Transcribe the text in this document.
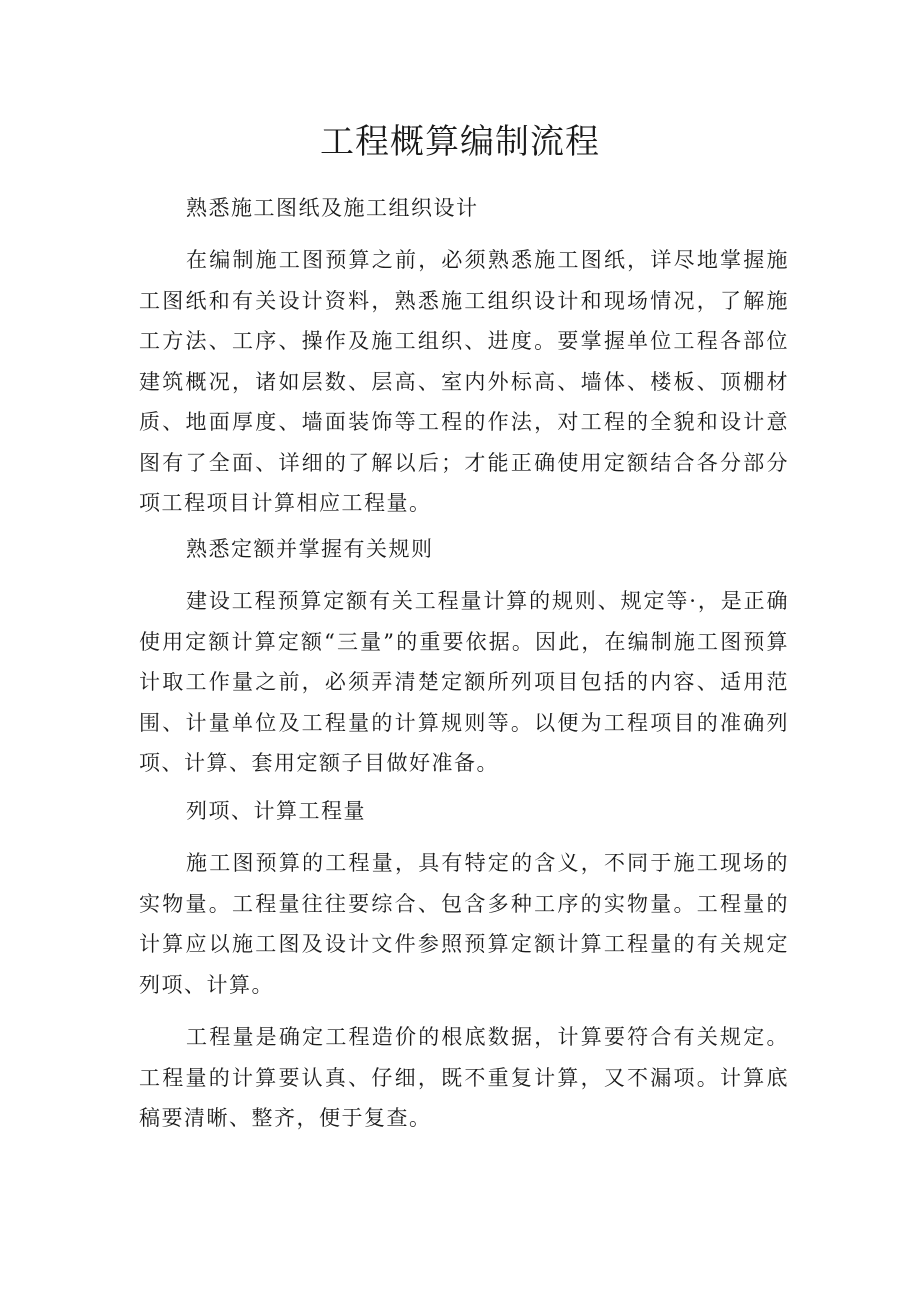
工程概算编制流程
熟悉施工图纸及施工组织设计

在编制施工图预算之前，必须熟悉施工图纸，详尽地掌握施工图纸和有关设计资料，熟悉施工组织设计和现场情况，了解施工方法、工序、操作及施工组织、进度。要掌握单位工程各部位建筑概况，诸如层数、层高、室内外标高、墙体、楼板、顶棚材质、地面厚度、墙面装饰等工程的作法，对工程的全貌和设计意图有了全面、详细的了解以后；才能正确使用定额结合各分部分项工程项目计算相应工程量。

熟悉定额并掌握有关规则

建设工程预算定额有关工程量计算的规则、规定等·，是正确使用定额计算定额“三量”的重要依据。因此，在编制施工图预算计取工作量之前，必须弄清楚定额所列项目包括的内容、适用范围、计量单位及工程量的计算规则等。以便为工程项目的准确列项、计算、套用定额子目做好准备。

列项、计算工程量

施工图预算的工程量，具有特定的含义，不同于施工现场的实物量。工程量往往要综合、包含多种工序的实物量。工程量的计算应以施工图及设计文件参照预算定额计算工程量的有关规定列项、计算。

工程量是确定工程造价的根底数据，计算要符合有关规定。工程量的计算要认真、仔细，既不重复计算，又不漏项。计算底稿要清晰、整齐，便于复查。
